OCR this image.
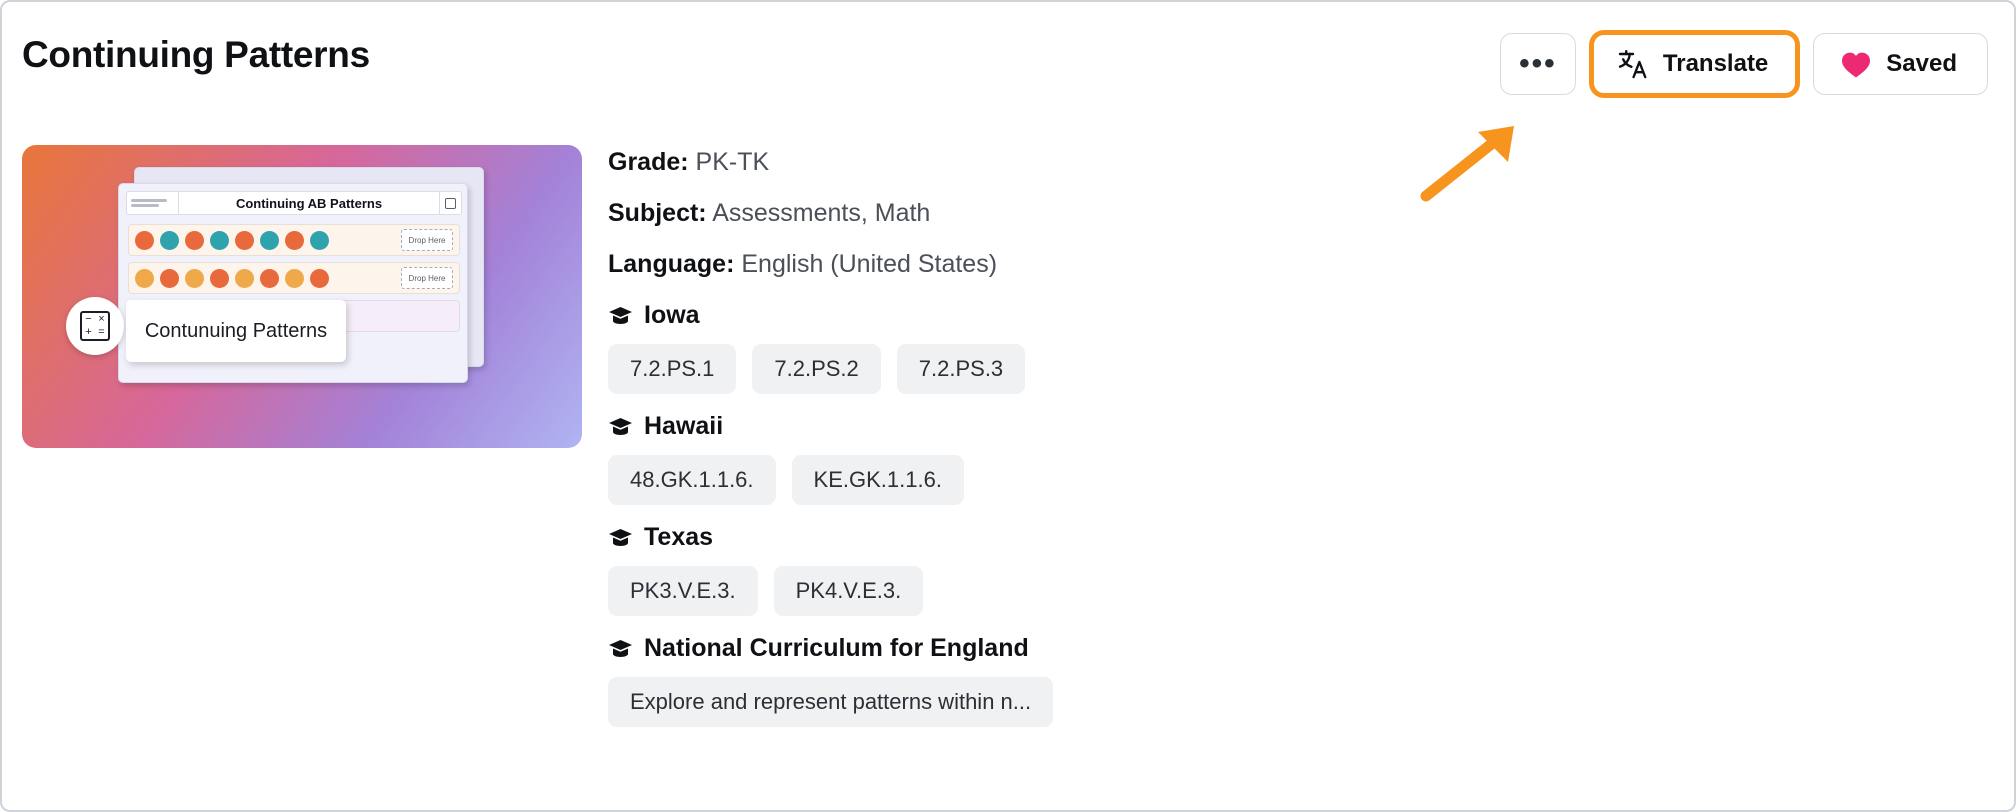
Continuing Patterns	•••	Translate	Saved
Continuing AB Patterns
Drop Here
Drop Here
− ×
+ =	Contunuing Patterns
Grade: PK-TK
Subject: Assessments, Math
Language: English (United States)
Iowa
7.2.PS.1	7.2.PS.2	7.2.PS.3
Hawaii
48.GK.1.1.6.	KE.GK.1.1.6.
Texas
PK3.V.E.3.	PK4.V.E.3.
National Curriculum for England
Explore and represent patterns within n...
